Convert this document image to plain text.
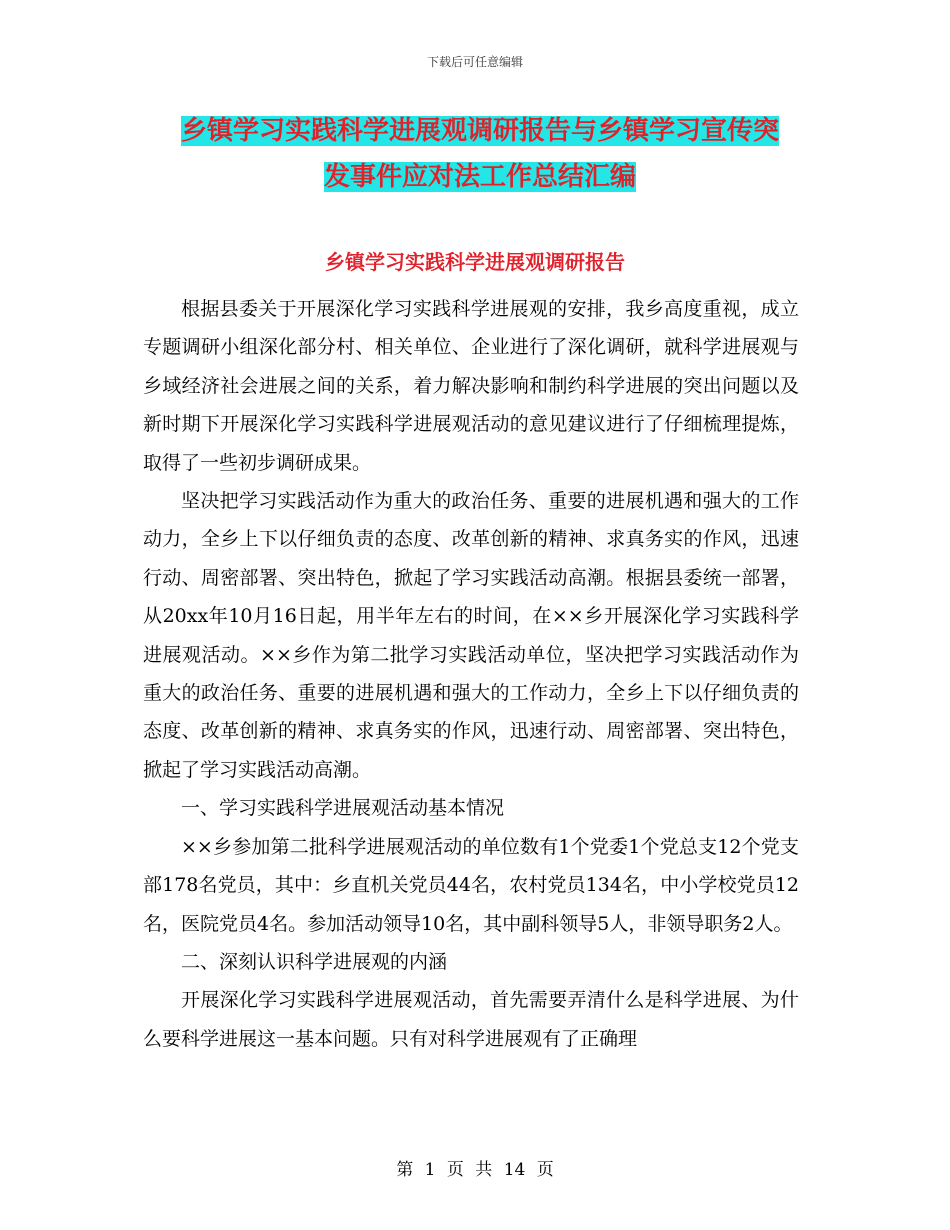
下载后可任意编辑
乡镇学习实践科学进展观调研报告与乡镇学习宣传突
发事件应对法工作总结汇编
乡镇学习实践科学进展观调研报告

根据县委关于开展深化学习实践科学进展观的安排，我乡高度重视，成立专题调研小组深化部分村、相关单位、企业进行了深化调研，就科学进展观与乡域经济社会进展之间的关系，着力解决影响和制约科学进展的突出问题以及新时期下开展深化学习实践科学进展观活动的意见建议进行了仔细梳理提炼，取得了一些初步调研成果。

坚决把学习实践活动作为重大的政治任务、重要的进展机遇和强大的工作动力，全乡上下以仔细负责的态度、改革创新的精神、求真务实的作风，迅速行动、周密部署、突出特色，掀起了学习实践活动高潮。根据县委统一部署，从20xx年10月16日起，用半年左右的时间，在××乡开展深化学习实践科学进展观活动。××乡作为第二批学习实践活动单位，坚决把学习实践活动作为重大的政治任务、重要的进展机遇和强大的工作动力，全乡上下以仔细负责的态度、改革创新的精神、求真务实的作风，迅速行动、周密部署、突出特色，掀起了学习实践活动高潮。

一、学习实践科学进展观活动基本情况

××乡参加第二批科学进展观活动的单位数有1个党委1个党总支12个党支部178名党员，其中：乡直机关党员44名，农村党员134名，中小学校党员12名，医院党员4名。参加活动领导10名，其中副科领导5人，非领导职务2人。

二、深刻认识科学进展观的内涵

开展深化学习实践科学进展观活动，首先需要弄清什么是科学进展、为什么要科学进展这一基本问题。只有对科学进展观有了正确理

第 1 页 共 14 页
